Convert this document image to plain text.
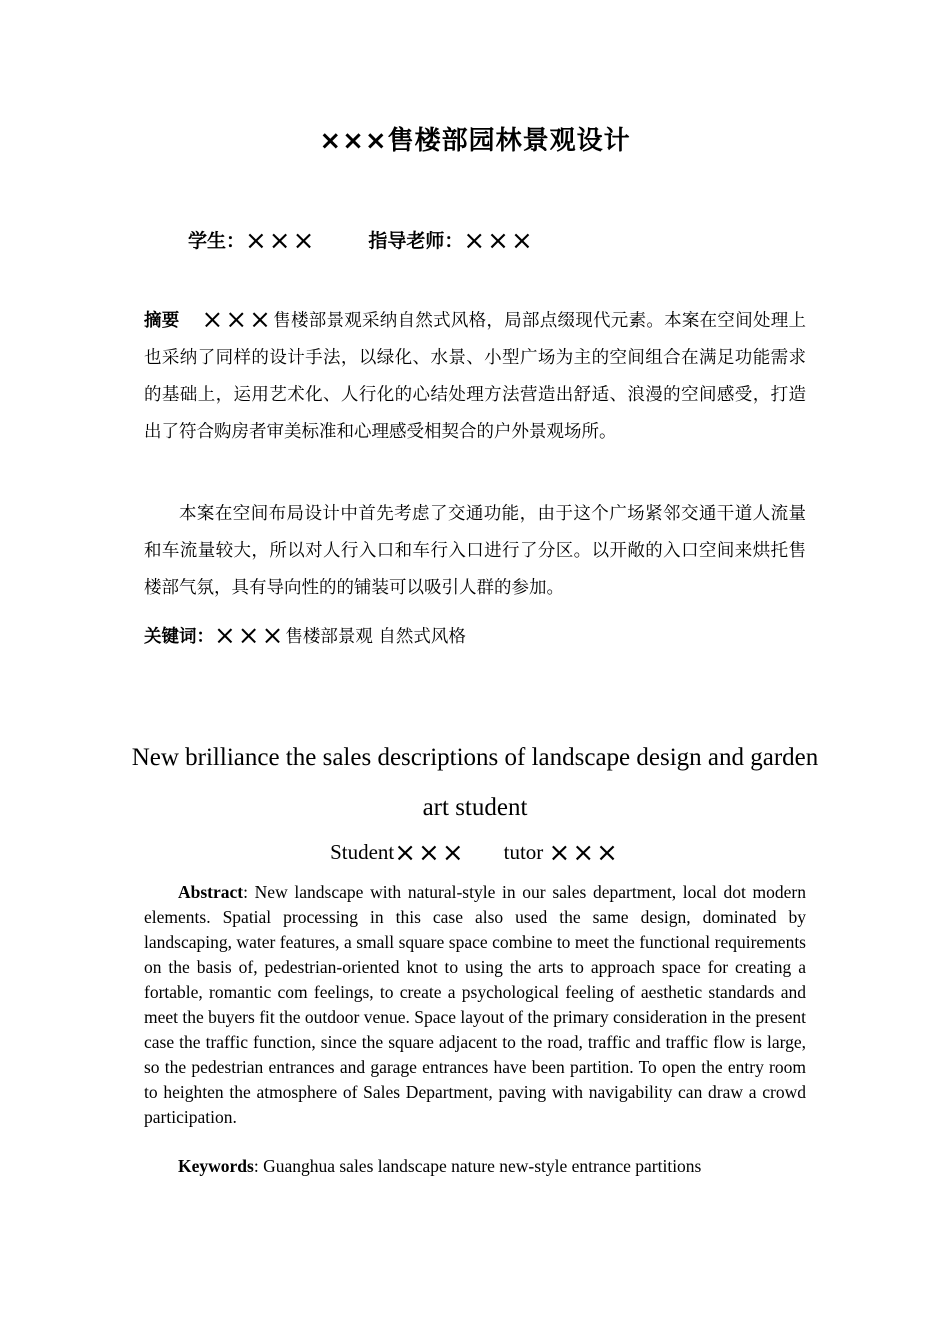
×××售楼部园林景观设计
学生：×××	指导老师：×××
摘要 ×××售楼部景观采纳自然式风格，局部点缀现代元素。本案在空间处理上也采纳了同样的设计手法，以绿化、水景、小型广场为主的空间组合在满足功能需求的基础上，运用艺术化、人行化的心结处理方法营造出舒适、浪漫的空间感受，打造出了符合购房者审美标准和心理感受相契合的户外景观场所。
本案在空间布局设计中首先考虑了交通功能，由于这个广场紧邻交通干道人流量和车流量较大，所以对人行入口和车行入口进行了分区。以开敞的入口空间来烘托售楼部气氛，具有导向性的的铺装可以吸引人群的参加。
关键词：×××售楼部景观 自然式风格
New brilliance the sales descriptions of landscape design and garden art student
Student××× tutor ×××
Abstract: New landscape with natural-style in our sales department, local dot modern elements. Spatial processing in this case also used the same design, dominated by landscaping, water features, a small square space combine to meet the functional requirements on the basis of, pedestrian-oriented knot to using the arts to approach space for creating a fortable, romantic com feelings, to create a psychological feeling of aesthetic standards and meet the buyers fit the outdoor venue. Space layout of the primary consideration in the present case the traffic function, since the square adjacent to the road, traffic and traffic flow is large, so the pedestrian entrances and garage entrances have been partition. To open the entry room to heighten the atmosphere of Sales Department, paving with navigability can draw a crowd participation.
Keywords: Guanghua sales landscape nature new-style entrance partitions
